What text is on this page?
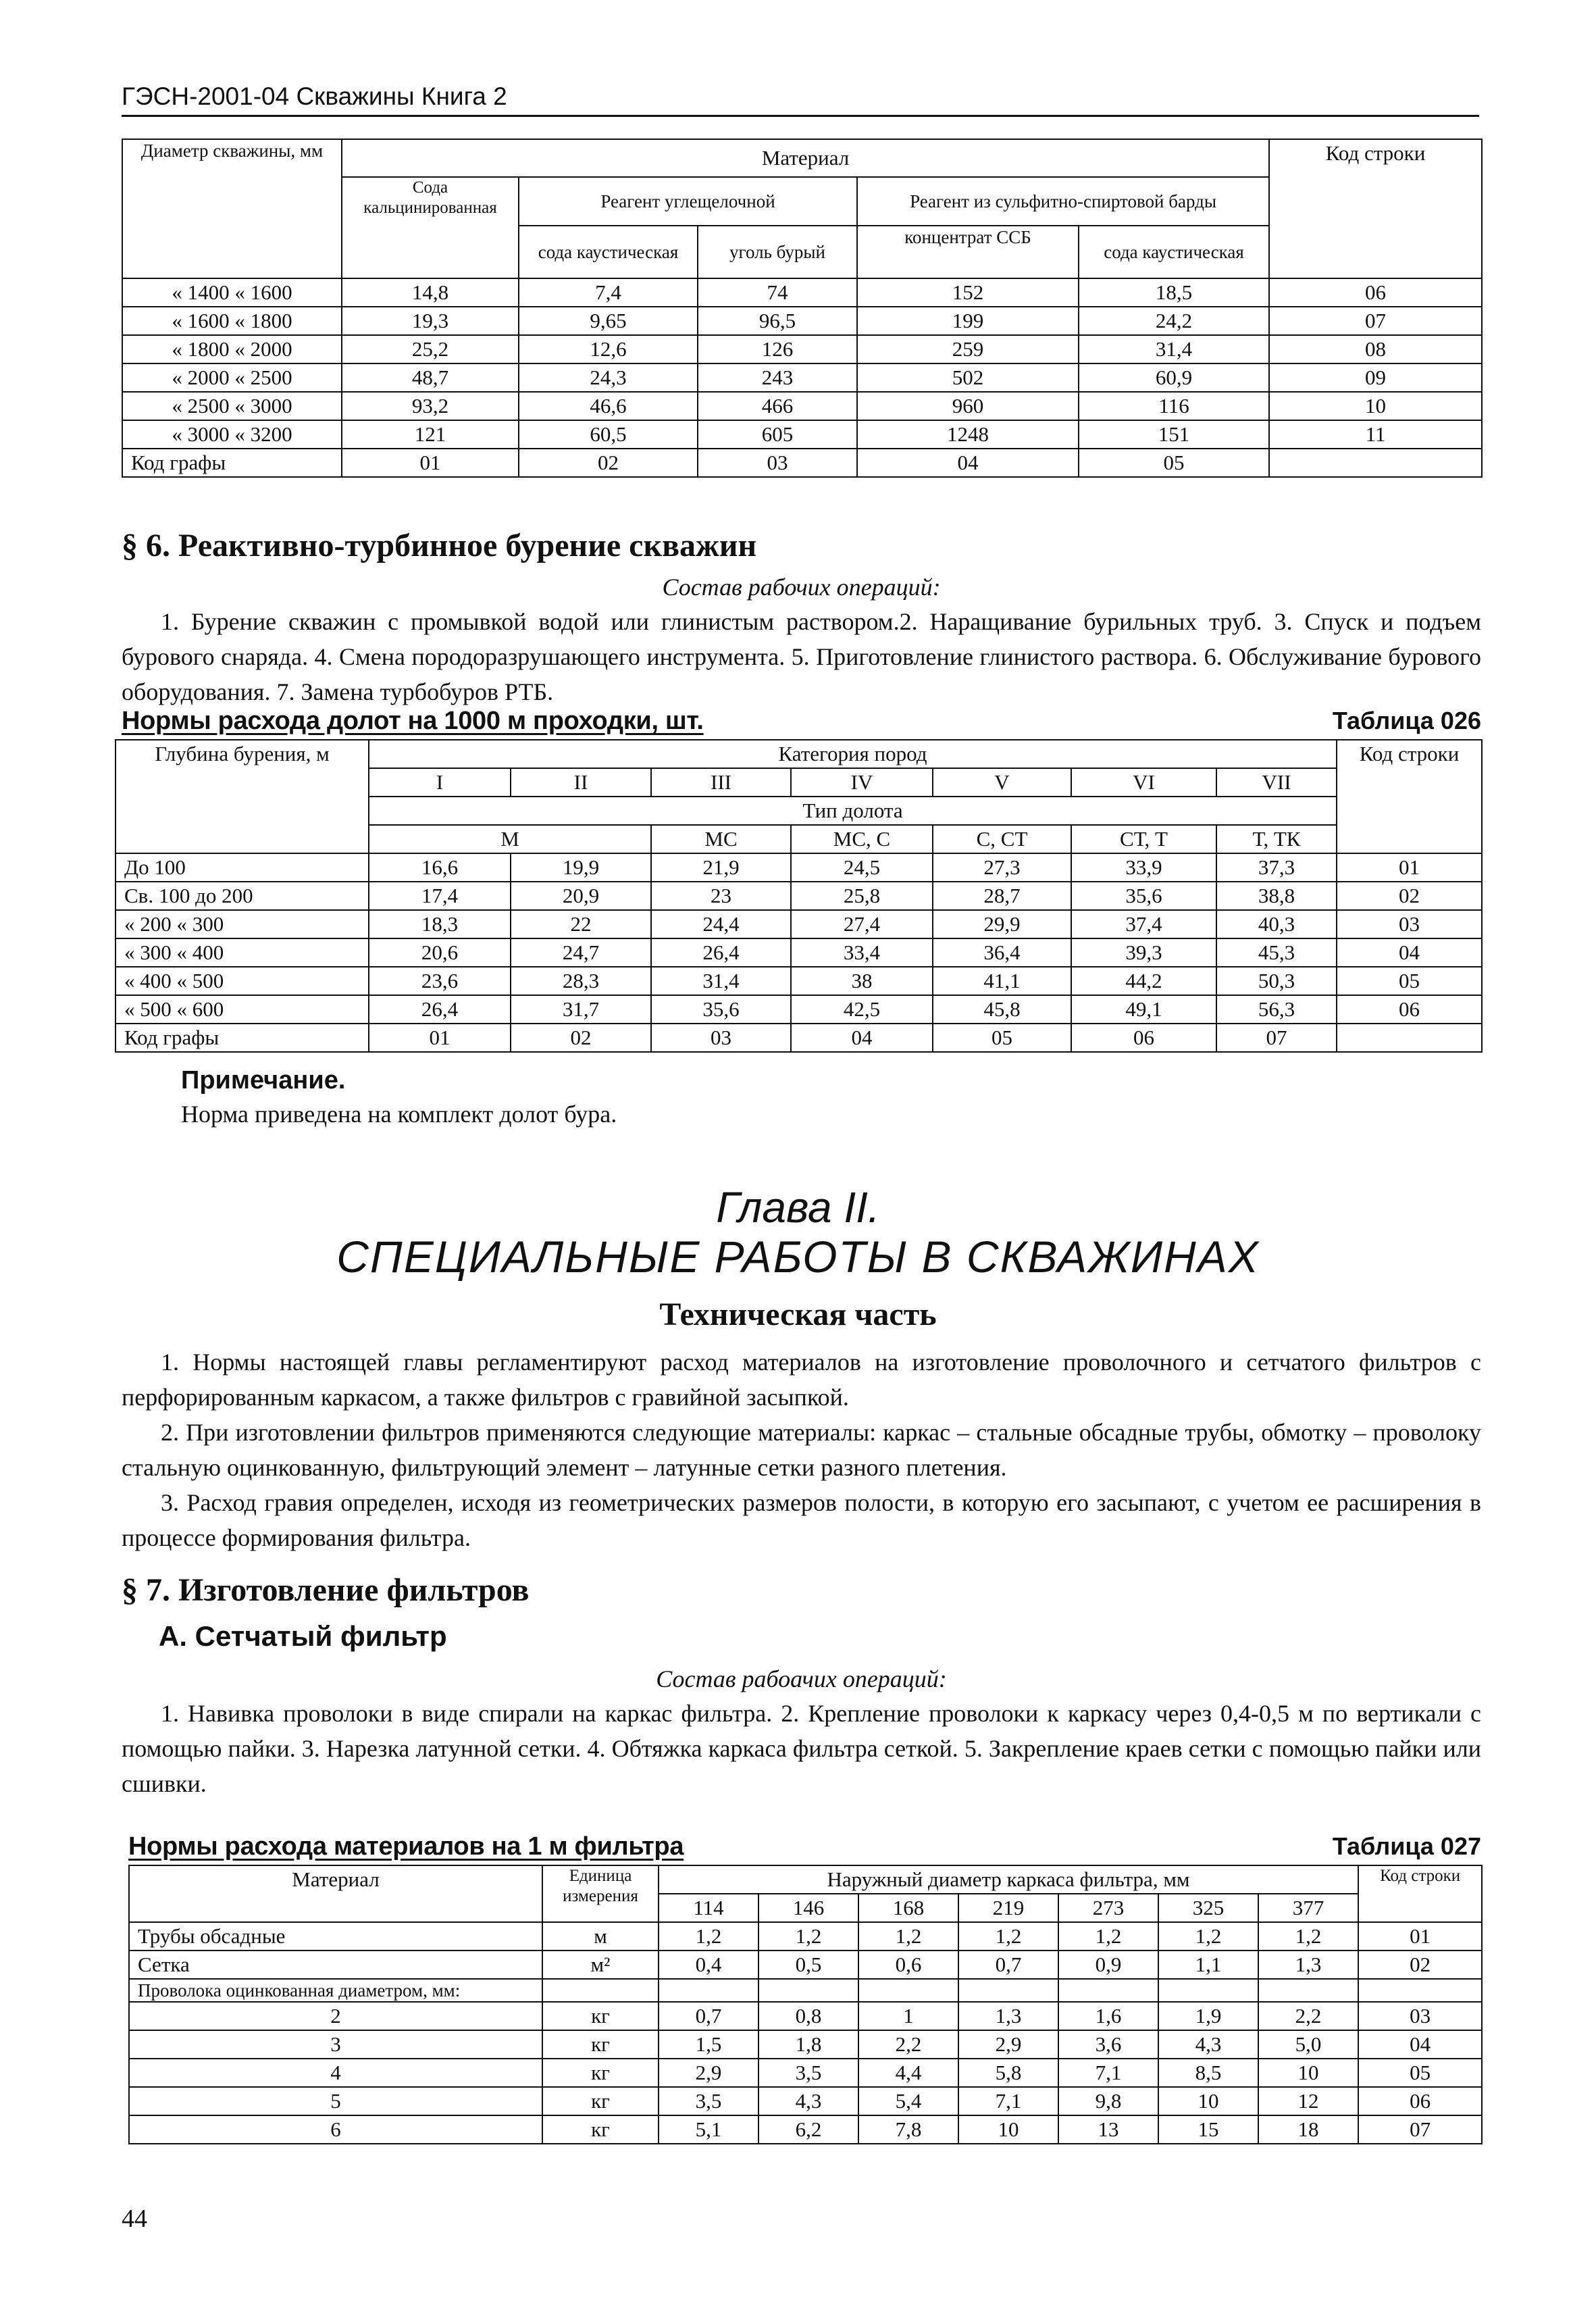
ГЭСН-2001-04 Скважины Книга 2
Диаметр скважины, мм	Материал					Код строки
	Сода кальцинированная	Реагент углещелочной		Реагент из сульфитно-спиртовой барды		
		сода каустическая	уголь бурый	концентрат ССБ	сода каустическая	
« 1400 « 1600	14,8	7,4	74	152	18,5	06
« 1600 « 1800	19,3	9,65	96,5	199	24,2	07
« 1800 « 2000	25,2	12,6	126	259	31,4	08
« 2000 « 2500	48,7	24,3	243	502	60,9	09
« 2500 « 3000	93,2	46,6	466	960	116	10
« 3000 « 3200	121	60,5	605	1248	151	11
Код графы	01	02	03	04	05	
§ 6. Реактивно-турбинное бурение скважин
Состав рабочих операций:
1. Бурение скважин с промывкой водой или глинистым раствором.2. Наращивание бурильных труб. 3. Спуск и подъем бурового снаряда. 4. Смена породоразрушающего инструмента. 5. Приготовление глинистого раствора. 6. Обслуживание бурового оборудования. 7. Замена турбобуров РТБ.
Нормы расхода долот на 1000 м проходки, шт.	Таблица 026
Глубина бурения, м	Категория пород							Код строки
	I	II	III	IV	V	VI	VII	
	Тип долота							
	М		МС	МС, С	С, СТ	СТ, Т	Т, ТК	
До 100	16,6	19,9	21,9	24,5	27,3	33,9	37,3	01
Св. 100 до 200	17,4	20,9	23	25,8	28,7	35,6	38,8	02
« 200 « 300	18,3	22	24,4	27,4	29,9	37,4	40,3	03
« 300 « 400	20,6	24,7	26,4	33,4	36,4	39,3	45,3	04
« 400 « 500	23,6	28,3	31,4	38	41,1	44,2	50,3	05
« 500 « 600	26,4	31,7	35,6	42,5	45,8	49,1	56,3	06
Код графы	01	02	03	04	05	06	07	
Примечание.
Норма приведена на комплект долот бура.
Глава II.
СПЕЦИАЛЬНЫЕ РАБОТЫ В СКВАЖИНАХ
Техническая часть
1. Нормы настоящей главы регламентируют расход материалов на изготовление проволочного и сетчатого фильтров с перфорированным каркасом, а также фильтров с гравийной засыпкой.
2. При изготовлении фильтров применяются следующие материалы: каркас – стальные обсадные трубы, обмотку – проволоку стальную оцинкованную, фильтрующий элемент – латунные сетки разного плетения.
3. Расход гравия определен, исходя из геометрических размеров полости, в которую его засыпают, с учетом ее расширения в процессе формирования фильтра.
§ 7. Изготовление фильтров
А. Сетчатый фильтр
Состав рабоачих операций:
1. Навивка проволоки в виде спирали на каркас фильтра. 2. Крепление проволоки к каркасу через 0,4-0,5 м по вертикали с помощью пайки. 3. Нарезка латунной сетки. 4. Обтяжка каркаса фильтра сеткой. 5. Закрепление краев сетки с помощью пайки или сшивки.
Нормы расхода материалов на 1 м фильтра	Таблица 027
Материал	Единица измерения	Наружный диаметр каркаса фильтра, мм							Код строки
		114	146	168	219	273	325	377	
Трубы обсадные	м	1,2	1,2	1,2	1,2	1,2	1,2	1,2	01
Сетка	м²	0,4	0,5	0,6	0,7	0,9	1,1	1,3	02
Проволока оцинкованная диаметром, мм:									
2	кг	0,7	0,8	1	1,3	1,6	1,9	2,2	03
3	кг	1,5	1,8	2,2	2,9	3,6	4,3	5,0	04
4	кг	2,9	3,5	4,4	5,8	7,1	8,5	10	05
5	кг	3,5	4,3	5,4	7,1	9,8	10	12	06
6	кг	5,1	6,2	7,8	10	13	15	18	07
44
